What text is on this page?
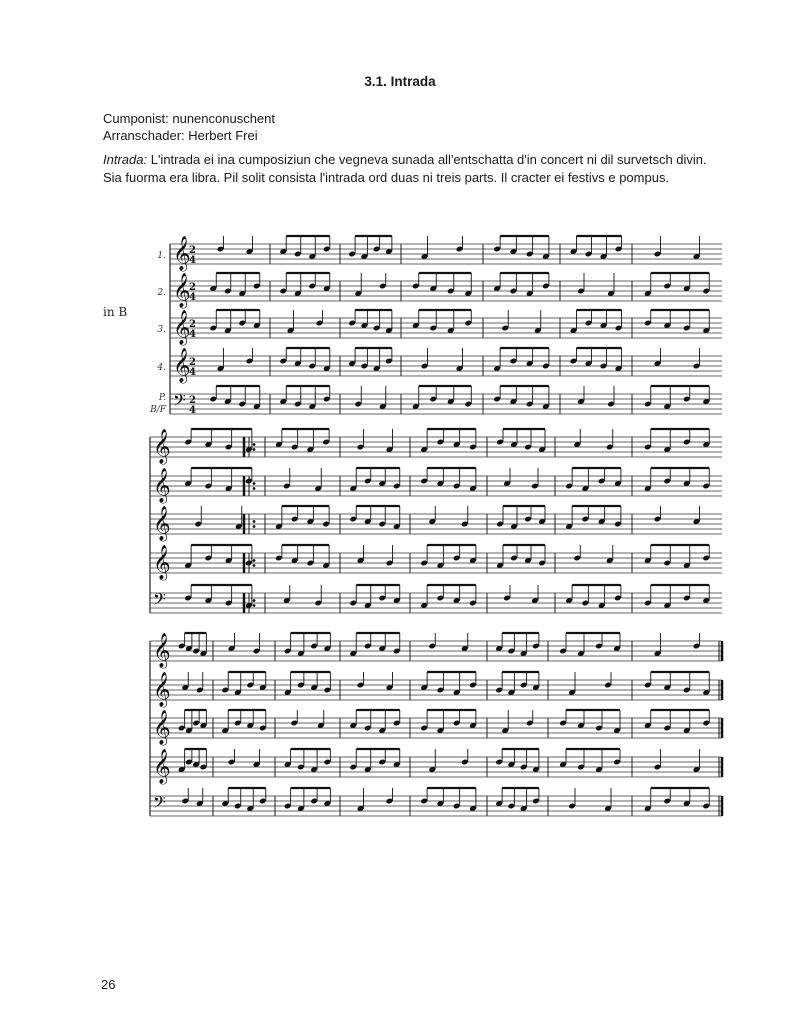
3.1. Intrada
Cumponist: nunenconuschent
Arranschader: Herbert Frei
Intrada: L'intrada ei ina cumposiziun che vegneva sunada all'entschatta d'in concert ni dil survetsch divin.
Sia fuorma era libra. Pil solit consista l'intrada ord duas ni treis parts. Il cracter ei festivs e pompus.
𝄞
2
4
𝄞
2
4
𝄞
2
4
𝄞
2
4
𝄢 2
4
𝄞
𝄞
𝄞
𝄞
𝄢
𝄞
𝄞
𝄞
𝄞
𝄢
1.
2.
3.
4.
in B
P.
B/F
26
